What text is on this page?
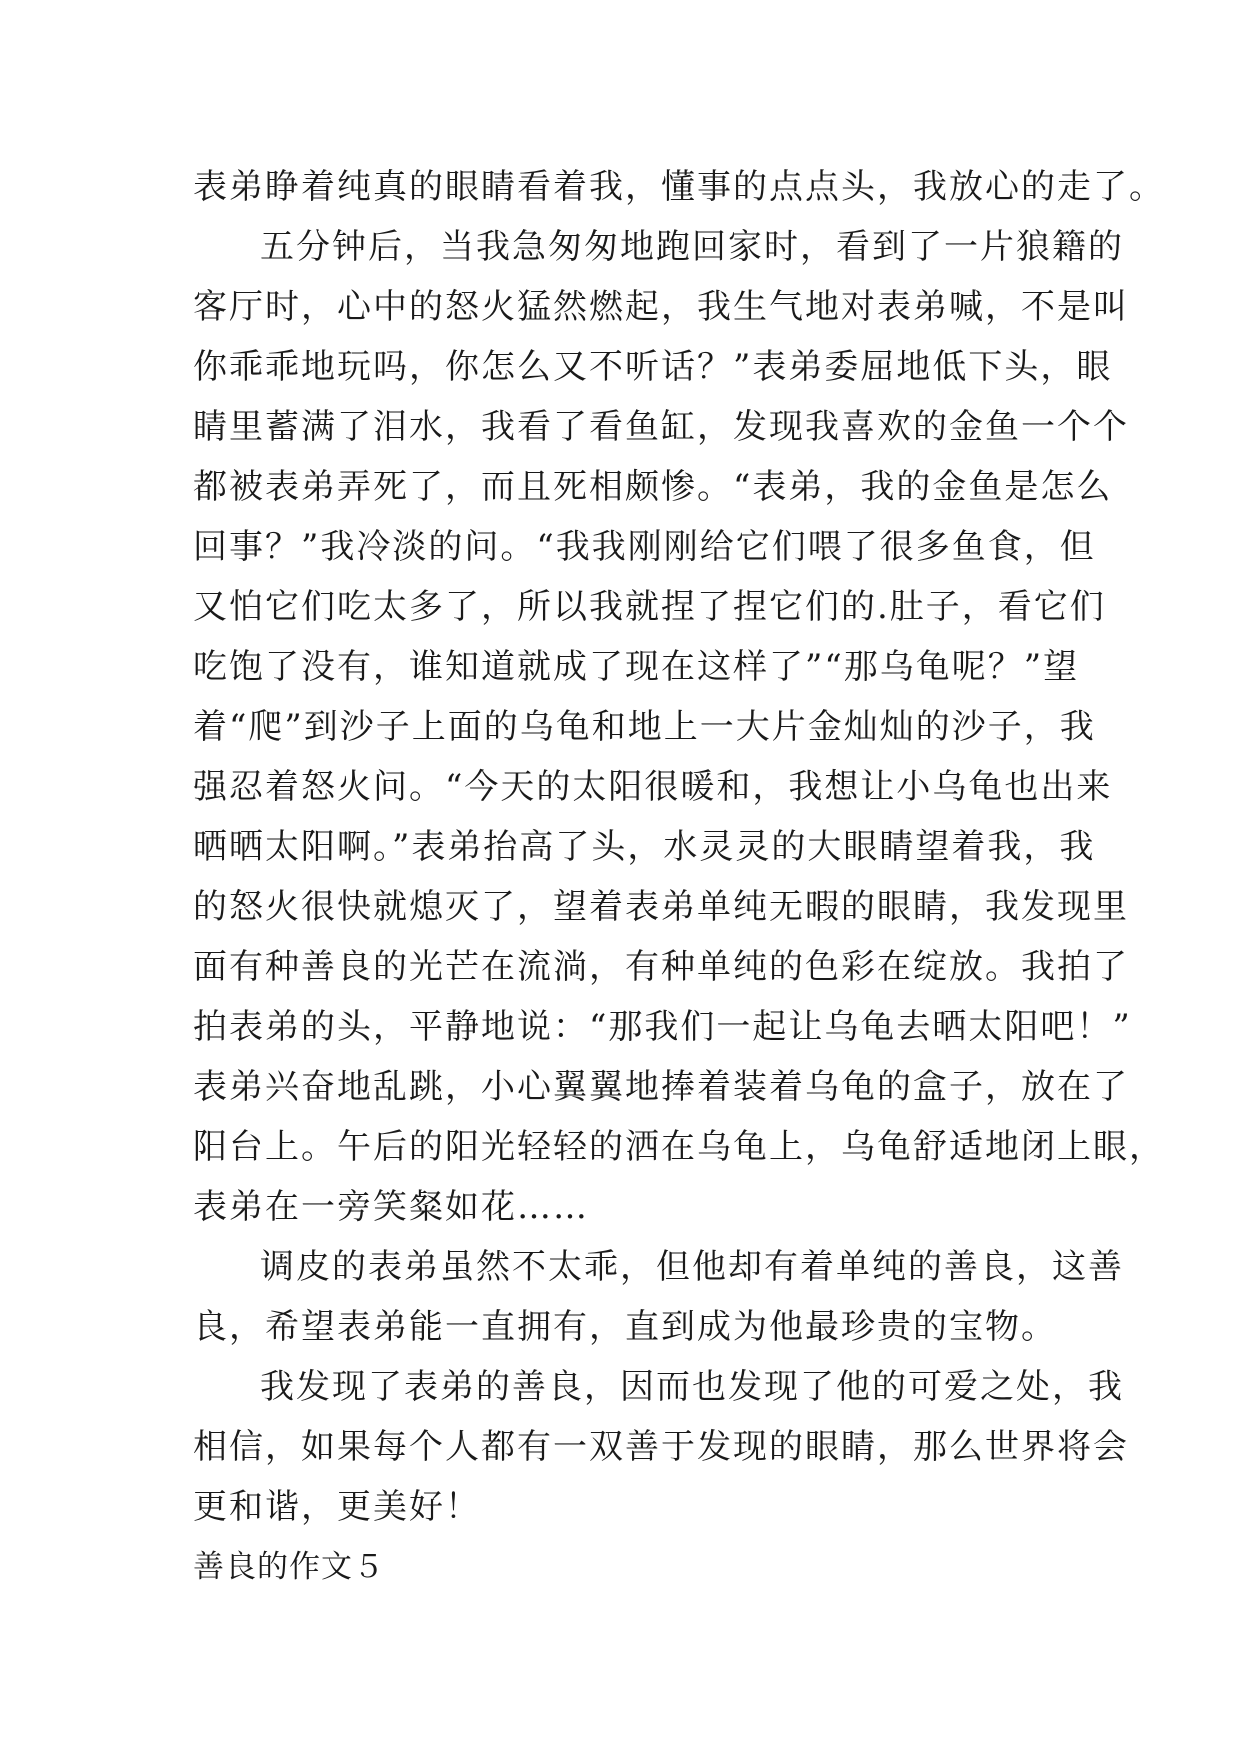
表弟睁着纯真的眼睛看着我，懂事的点点头，我放心的走了。
五分钟后，当我急匆匆地跑回家时，看到了一片狼籍的
客厅时，心中的怒火猛然燃起，我生气地对表弟喊，不是叫
你乖乖地玩吗，你怎么又不听话？”表弟委屈地低下头，眼
睛里蓄满了泪水，我看了看鱼缸，发现我喜欢的金鱼一个个
都被表弟弄死了，而且死相颇惨。“表弟，我的金鱼是怎么
回事？”我冷淡的问。“我我刚刚给它们喂了很多鱼食，但
又怕它们吃太多了，所以我就捏了捏它们的.肚子，看它们
吃饱了没有，谁知道就成了现在这样了”“那乌龟呢？”望
着“爬”到沙子上面的乌龟和地上一大片金灿灿的沙子，我
强忍着怒火问。“今天的太阳很暖和，我想让小乌龟也出来
晒晒太阳啊。”表弟抬高了头，水灵灵的大眼睛望着我，我
的怒火很快就熄灭了，望着表弟单纯无暇的眼睛，我发现里
面有种善良的光芒在流淌，有种单纯的色彩在绽放。我拍了
拍表弟的头，平静地说：“那我们一起让乌龟去晒太阳吧！”
表弟兴奋地乱跳，小心翼翼地捧着装着乌龟的盒子，放在了
阳台上。午后的阳光轻轻的洒在乌龟上，乌龟舒适地闭上眼，
表弟在一旁笑粲如花……
调皮的表弟虽然不太乖，但他却有着单纯的善良，这善
良，希望表弟能一直拥有，直到成为他最珍贵的宝物。
我发现了表弟的善良，因而也发现了他的可爱之处，我
相信，如果每个人都有一双善于发现的眼睛，那么世界将会
更和谐，更美好！
善良的作文５
